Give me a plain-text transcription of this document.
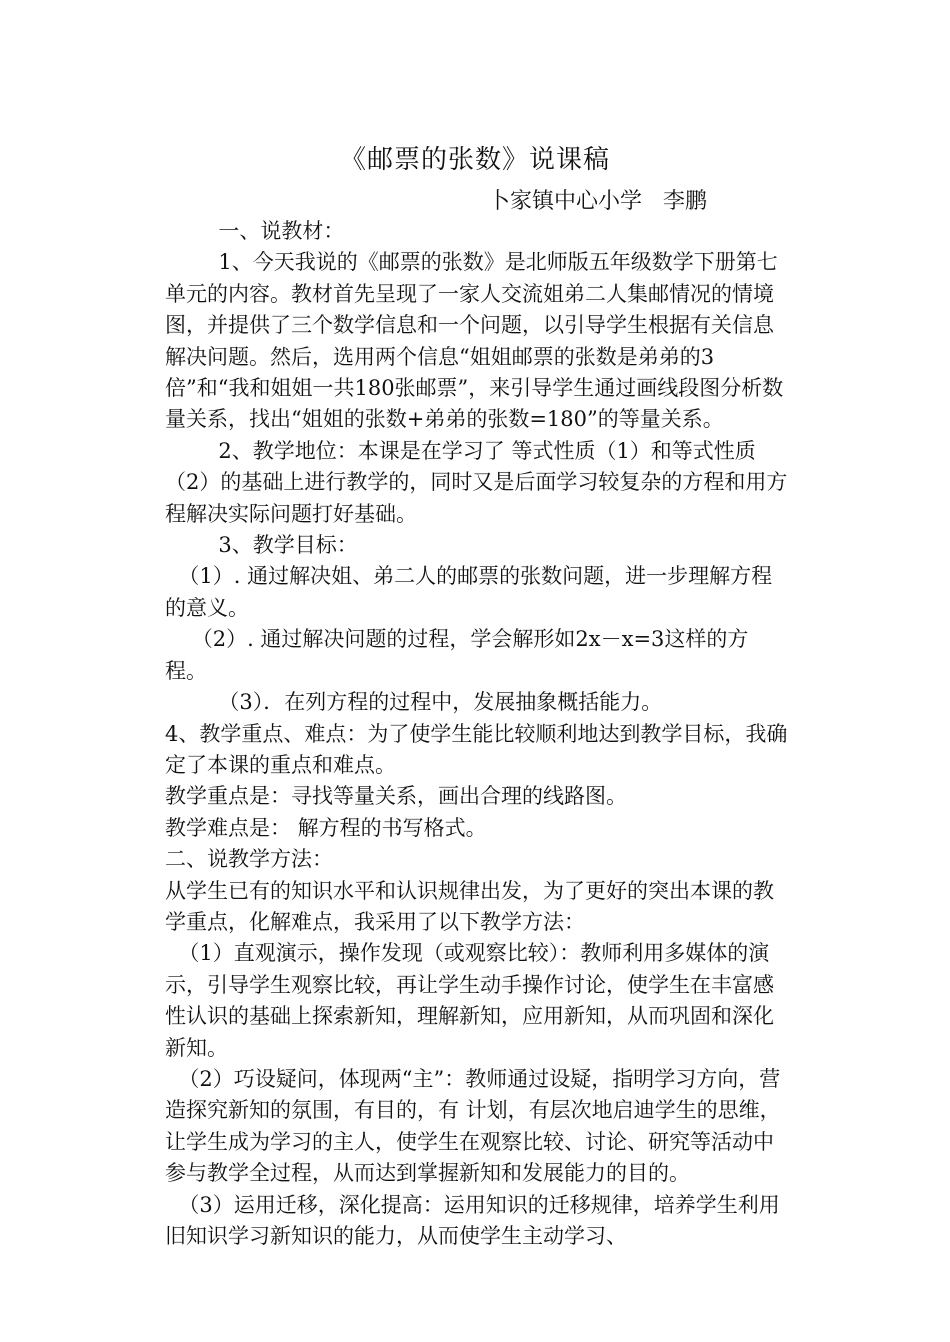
《邮票的张数》说课稿
卜家镇中心小学   李鹏

一、说教材：

1、今天我说的《邮票的张数》是北师版五年级数学下册第七单元的内容。教材首先呈现了一家人交流姐弟二人集邮情况的情境图，并提供了三个数学信息和一个问题，以引导学生根据有关信息解决问题。然后，选用两个信息“姐姐邮票的张数是弟弟的3倍”和“我和姐姐一共180张邮票”，来引导学生通过画线段图分析数量关系，找出“姐姐的张数+弟弟的张数=180”的等量关系。

2、教学地位：本课是在学习了 等式性质（1）和等式性质（2）的基础上进行教学的，同时又是后面学习较复杂的方程和用方程解决实际问题打好基础。

3、教学目标：

（1）. 通过解决姐、弟二人的邮票的张数问题，进一步理解方程的意义。

（2）. 通过解决问题的过程，学会解形如2x－x=3这样的方程。

（3）．在列方程的过程中，发展抽象概括能力。

4、教学重点、难点：为了使学生能比较顺利地达到教学目标，我确定了本课的重点和难点。

教学重点是：寻找等量关系，画出合理的线路图。

教学难点是： 解方程的书写格式。

二、说教学方法：

从学生已有的知识水平和认识规律出发，为了更好的突出本课的教学重点，化解难点，我采用了以下教学方法：

（1）直观演示，操作发现（或观察比较）：教师利用多媒体的演示，引导学生观察比较，再让学生动手操作讨论，使学生在丰富感性认识的基础上探索新知，理解新知，应用新知，从而巩固和深化新知。

（2）巧设疑问，体现两“主”：教师通过设疑，指明学习方向，营造探究新知的氛围，有目的，有 计划，有层次地启迪学生的思维，让学生成为学习的主人，使学生在观察比较、讨论、研究等活动中参与教学全过程，从而达到掌握新知和发展能力的目的。

（3）运用迁移，深化提高：运用知识的迁移规律，培养学生利用旧知识学习新知识的能力，从而使学生主动学习、
